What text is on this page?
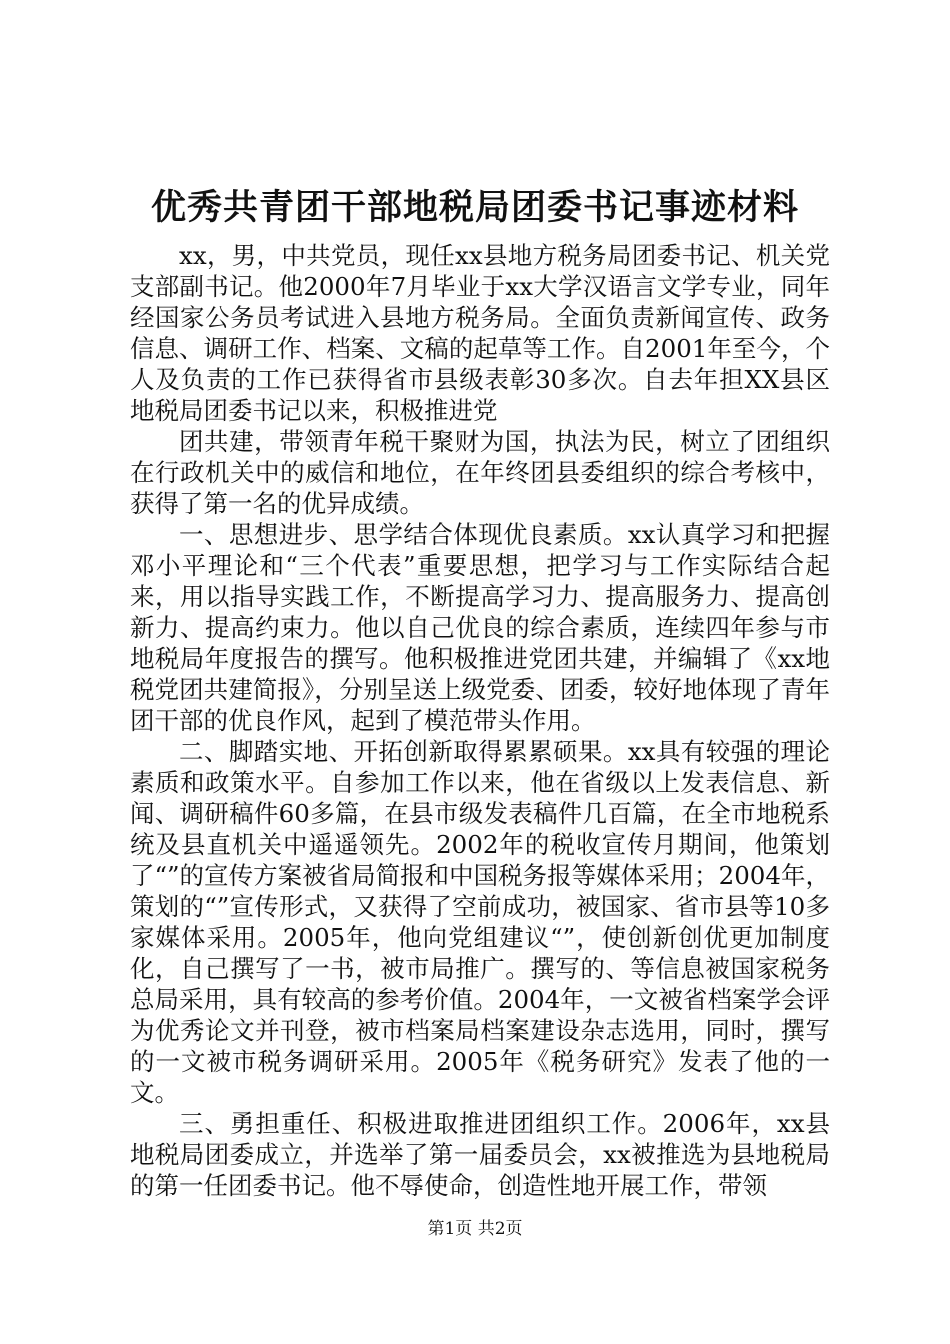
优秀共青团干部地税局团委书记事迹材料

xx，男，中共党员，现任xx县地方税务局团委书记、机关党支部副书记。他2000年7月毕业于xx大学汉语言文学专业，同年经国家公务员考试进入县地方税务局。全面负责新闻宣传、政务信息、调研工作、档案、文稿的起草等工作。自2001年至今，个人及负责的工作已获得省市县级表彰30多次。自去年担XX县区地税局团委书记以来，积极推进党

团共建，带领青年税干聚财为国，执法为民，树立了团组织在行政机关中的威信和地位，在年终团县委组织的综合考核中，获得了第一名的优异成绩。

一、思想进步、思学结合体现优良素质。xx认真学习和把握邓小平理论和“三个代表”重要思想，把学习与工作实际结合起来，用以指导实践工作，不断提高学习力、提高服务力、提高创新力、提高约束力。他以自己优良的综合素质，连续四年参与市地税局年度报告的撰写。他积极推进党团共建，并编辑了《xx地税党团共建简报》，分别呈送上级党委、团委，较好地体现了青年团干部的优良作风，起到了模范带头作用。

二、脚踏实地、开拓创新取得累累硕果。xx具有较强的理论素质和政策水平。自参加工作以来，他在省级以上发表信息、新闻、调研稿件60多篇，在县市级发表稿件几百篇，在全市地税系统及县直机关中遥遥领先。2002年的税收宣传月期间，他策划了“”的宣传方案被省局简报和中国税务报等媒体采用；2004年，策划的“”宣传形式，又获得了空前成功，被国家、省市县等10多家媒体采用。2005年，他向党组建议“”，使创新创优更加制度化，自己撰写了一书，被市局推广。撰写的、等信息被国家税务总局采用，具有较高的参考价值。2004年，一文被省档案学会评为优秀论文并刊登，被市档案局档案建设杂志选用，同时，撰写的一文被市税务调研采用。2005年《税务研究》发表了他的一文。

三、勇担重任、积极进取推进团组织工作。2006年，xx县地税局团委成立，并选举了第一届委员会，xx被推选为县地税局的第一任团委书记。他不辱使命，创造性地开展工作，带领

第1页 共2页
